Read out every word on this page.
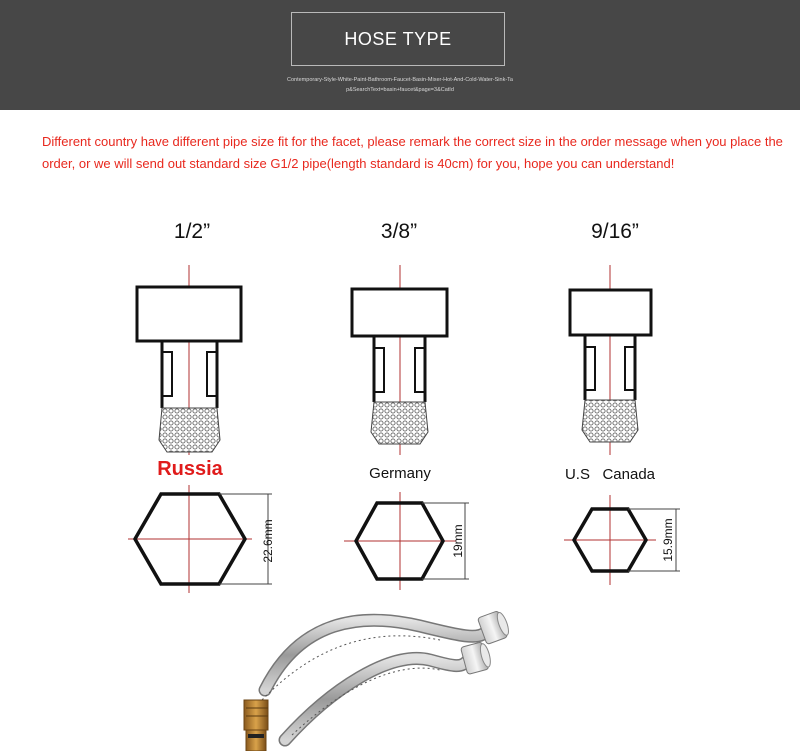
HOSE TYPE
Contemporary-Style-White-Paint-Bathroom-Faucet-Basin-Mixer-Hot-And-Cold-Water-Sink-Ta
p&SearchText=basin+faucet&page=3&CatId

Different country have different pipe size fit for the facet, please remark the correct size in the order message when you place the

order, or we will send out standard size G1/2 pipe(length standard is 40cm) for you, hope you can understand!

1/2”	3/8”	9/16”
22.6mm	19mm	15.9mm
Russia	Germany	U.S   Canada
